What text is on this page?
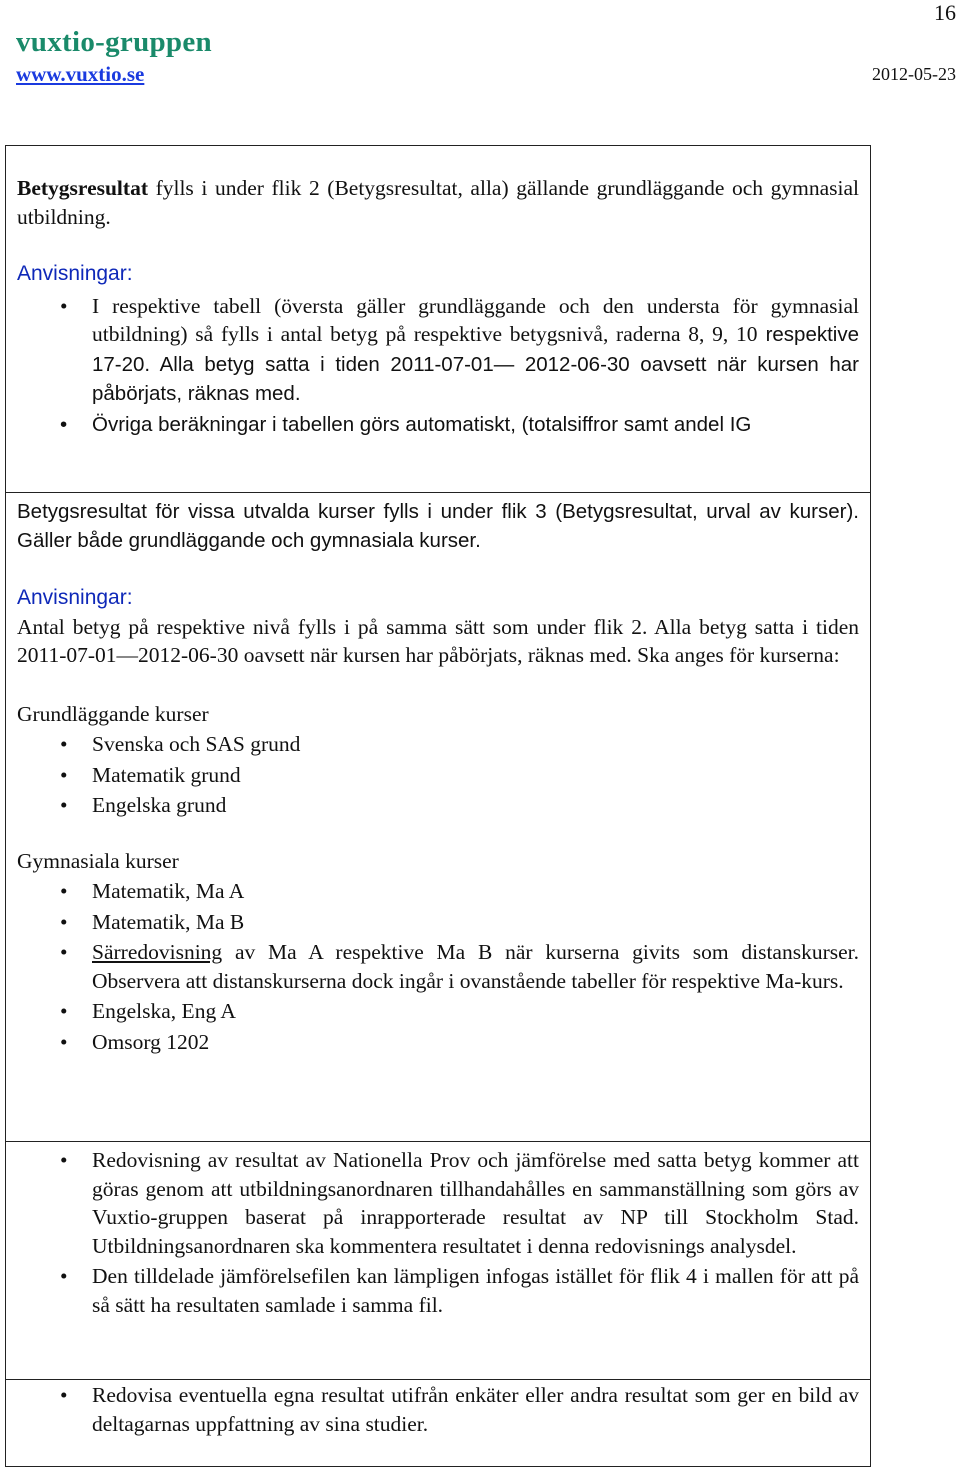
16
vuxtio-gruppen
www.vuxtio.se	2012-05-23
Betygsresultat fylls i under flik 2 (Betygsresultat, alla) gällande grundläggande och gymnasial utbildning.
Anvisningar:
• I respektive tabell (översta gäller grundläggande och den understa för gymnasial utbildning) så fylls i antal betyg på respektive betygsnivå, raderna 8, 9, 10 respektive 17-20. Alla betyg satta i tiden 2011-07-01— 2012-06-30 oavsett när kursen har påbörjats, räknas med.
• Övriga beräkningar i tabellen görs automatiskt, (totalsiffror samt andel IG
Betygsresultat för vissa utvalda kurser fylls i under flik 3 (Betygsresultat, urval av kurser). Gäller både grundläggande och gymnasiala kurser.
Anvisningar:
Antal betyg på respektive nivå fylls i på samma sätt som under flik 2. Alla betyg satta i tiden 2011-07-01—2012-06-30 oavsett när kursen har påbörjats, räknas med. Ska anges för kurserna:
Grundläggande kurser
• Svenska och SAS grund
• Matematik grund
• Engelska grund
Gymnasiala kurser
• Matematik, Ma A
• Matematik, Ma B
• Särredovisning av Ma A respektive Ma B när kurserna givits som distanskurser. Observera att distanskurserna dock ingår i ovanstående tabeller för respektive Ma-kurs.
• Engelska, Eng A
• Omsorg 1202
• Redovisning av resultat av Nationella Prov och jämförelse med satta betyg kommer att göras genom att utbildningsanordnaren tillhandahålles en sammanställning som görs av Vuxtio-gruppen baserat på inrapporterade resultat av NP till Stockholm Stad. Utbildningsanordnaren ska kommentera resultatet i denna redovisnings analysdel.
• Den tilldelade jämförelsefilen kan lämpligen infogas istället för flik 4 i mallen för att på så sätt ha resultaten samlade i samma fil.
• Redovisa eventuella egna resultat utifrån enkäter eller andra resultat som ger en bild av deltagarnas uppfattning av sina studier.
